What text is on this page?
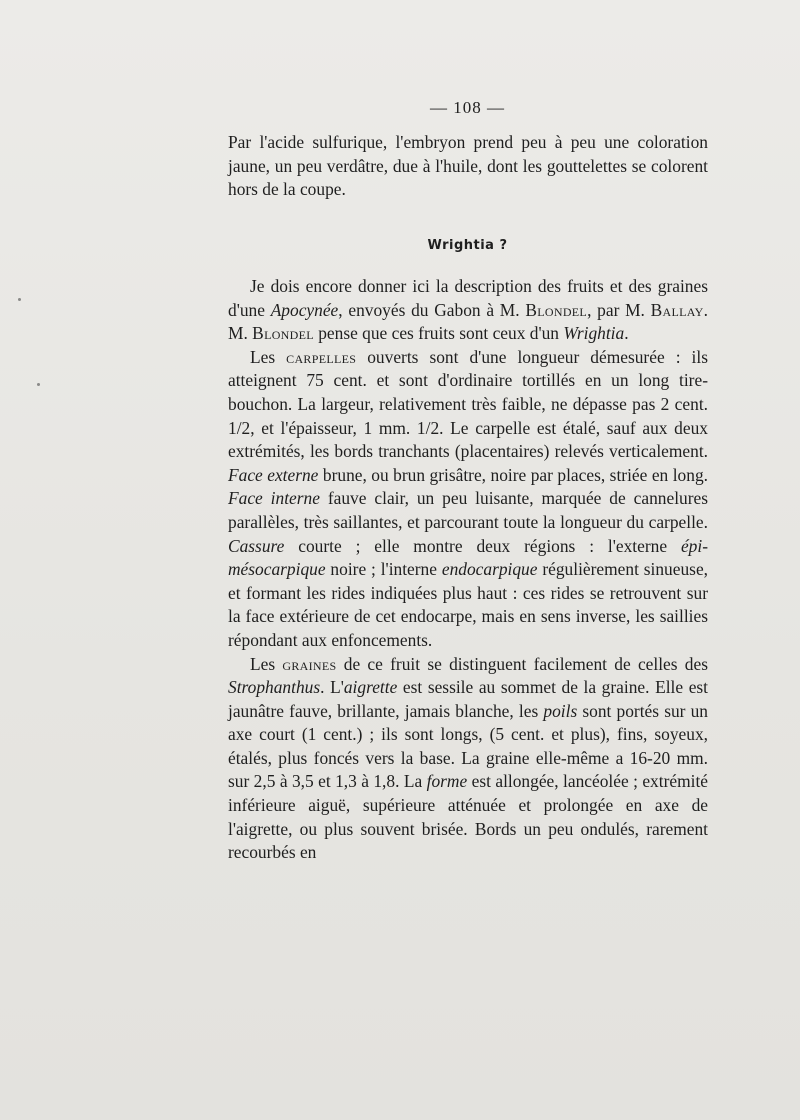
— 108 —

Par l'acide sulfurique, l'embryon prend peu à peu une coloration jaune, un peu verdâtre, due à l'huile, dont les gouttelettes se colorent hors de la coupe.

Wrightia ?

Je dois encore donner ici la description des fruits et des graines d'une Apocynée, envoyés du Gabon à M. Blondel, par M. Ballay. M. Blondel pense que ces fruits sont ceux d'un Wrightia.

Les carpelles ouverts sont d'une longueur démesurée : ils atteignent 75 cent. et sont d'ordinaire tortillés en un long tire-bouchon. La largeur, relativement très faible, ne dépasse pas 2 cent. 1/2, et l'épaisseur, 1 mm. 1/2. Le carpelle est étalé, sauf aux deux extrémités, les bords tranchants (placentaires) relevés verticalement. Face externe brune, ou brun grisâtre, noire par places, striée en long. Face interne fauve clair, un peu luisante, marquée de cannelures parallèles, très saillantes, et parcourant toute la longueur du carpelle. Cassure courte ; elle montre deux régions : l'externe épi-mésocarpique noire ; l'interne endocarpique régulièrement sinueuse, et formant les rides indiquées plus haut : ces rides se retrouvent sur la face extérieure de cet endocarpe, mais en sens inverse, les saillies répondant aux enfoncements.

Les graines de ce fruit se distinguent facilement de celles des Strophanthus. L'aigrette est sessile au sommet de la graine. Elle est jaunâtre fauve, brillante, jamais blanche, les poils sont portés sur un axe court (1 cent.) ; ils sont longs, (5 cent. et plus), fins, soyeux, étalés, plus foncés vers la base. La graine elle-même a 16-20 mm. sur 2,5 à 3,5 et 1,3 à 1,8. La forme est allongée, lancéolée ; extrémité inférieure aiguë, supérieure atténuée et prolongée en axe de l'aigrette, ou plus souvent brisée. Bords un peu ondulés, rarement recourbés en
